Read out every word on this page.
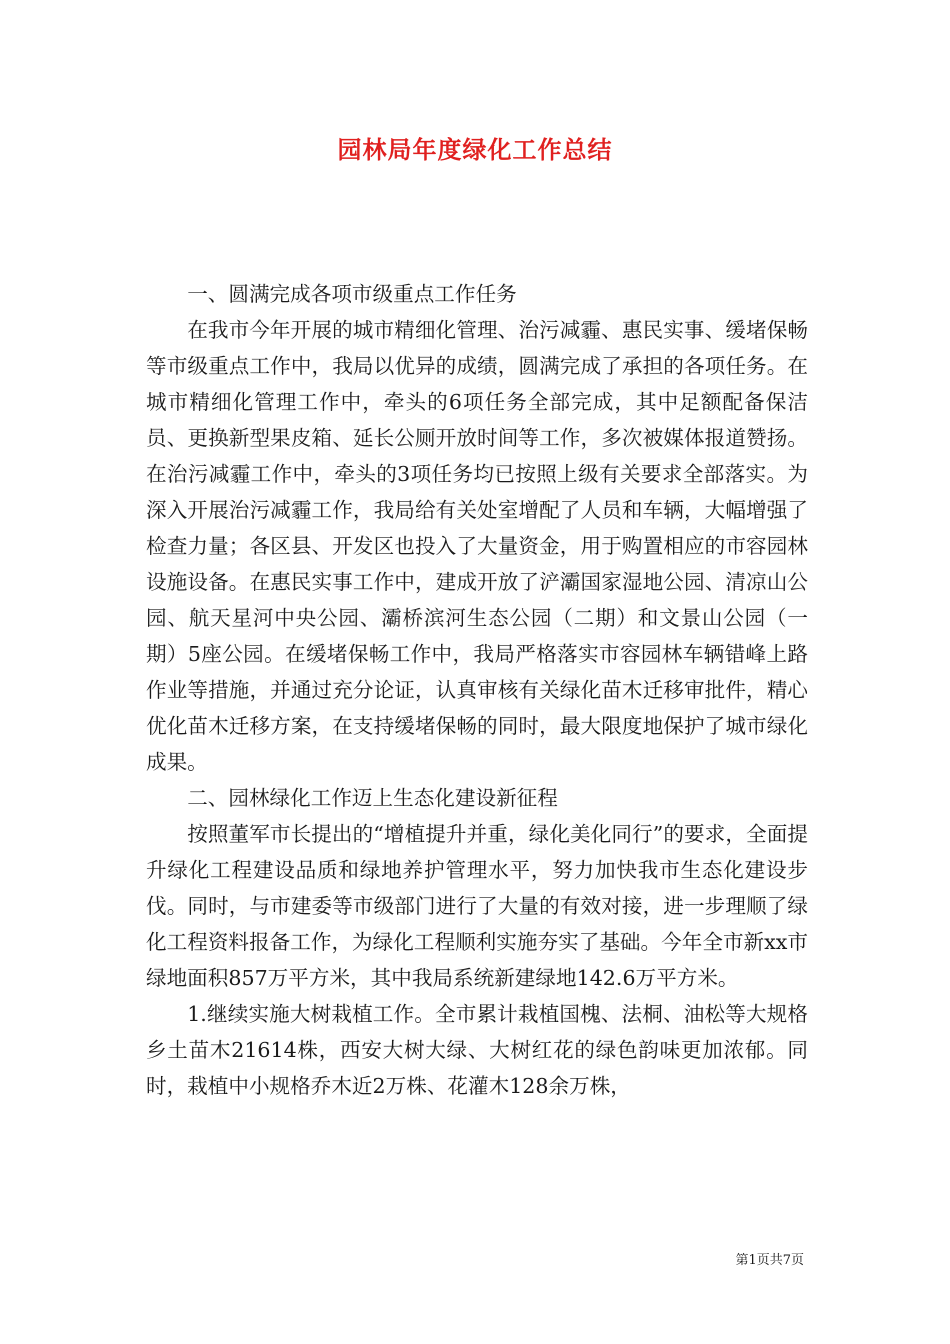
园林局年度绿化工作总结

一、圆满完成各项市级重点工作任务

在我市今年开展的城市精细化管理、治污减霾、惠民实事、缓堵保畅等市级重点工作中，我局以优异的成绩，圆满完成了承担的各项任务。在城市精细化管理工作中，牵头的6项任务全部完成，其中足额配备保洁员、更换新型果皮箱、延长公厕开放时间等工作，多次被媒体报道赞扬。在治污减霾工作中，牵头的3项任务均已按照上级有关要求全部落实。为深入开展治污减霾工作，我局给有关处室增配了人员和车辆，大幅增强了检查力量；各区县、开发区也投入了大量资金，用于购置相应的市容园林设施设备。在惠民实事工作中，建成开放了浐灞国家湿地公园、清凉山公园、航天星河中央公园、灞桥滨河生态公园（二期）和文景山公园（一期）5座公园。在缓堵保畅工作中，我局严格落实市容园林车辆错峰上路作业等措施，并通过充分论证，认真审核有关绿化苗木迁移审批件，精心优化苗木迁移方案，在支持缓堵保畅的同时，最大限度地保护了城市绿化成果。

二、园林绿化工作迈上生态化建设新征程

按照董军市长提出的“增植提升并重，绿化美化同行”的要求，全面提升绿化工程建设品质和绿地养护管理水平，努力加快我市生态化建设步伐。同时，与市建委等市级部门进行了大量的有效对接，进一步理顺了绿化工程资料报备工作，为绿化工程顺利实施夯实了基础。今年全市新xx市绿地面积857万平方米，其中我局系统新建绿地142.6万平方米。

1.继续实施大树栽植工作。全市累计栽植国槐、法桐、油松等大规格乡土苗木21614株，西安大树大绿、大树红花的绿色韵味更加浓郁。同时，栽植中小规格乔木近2万株、花灌木128余万株，

第1页共7页
